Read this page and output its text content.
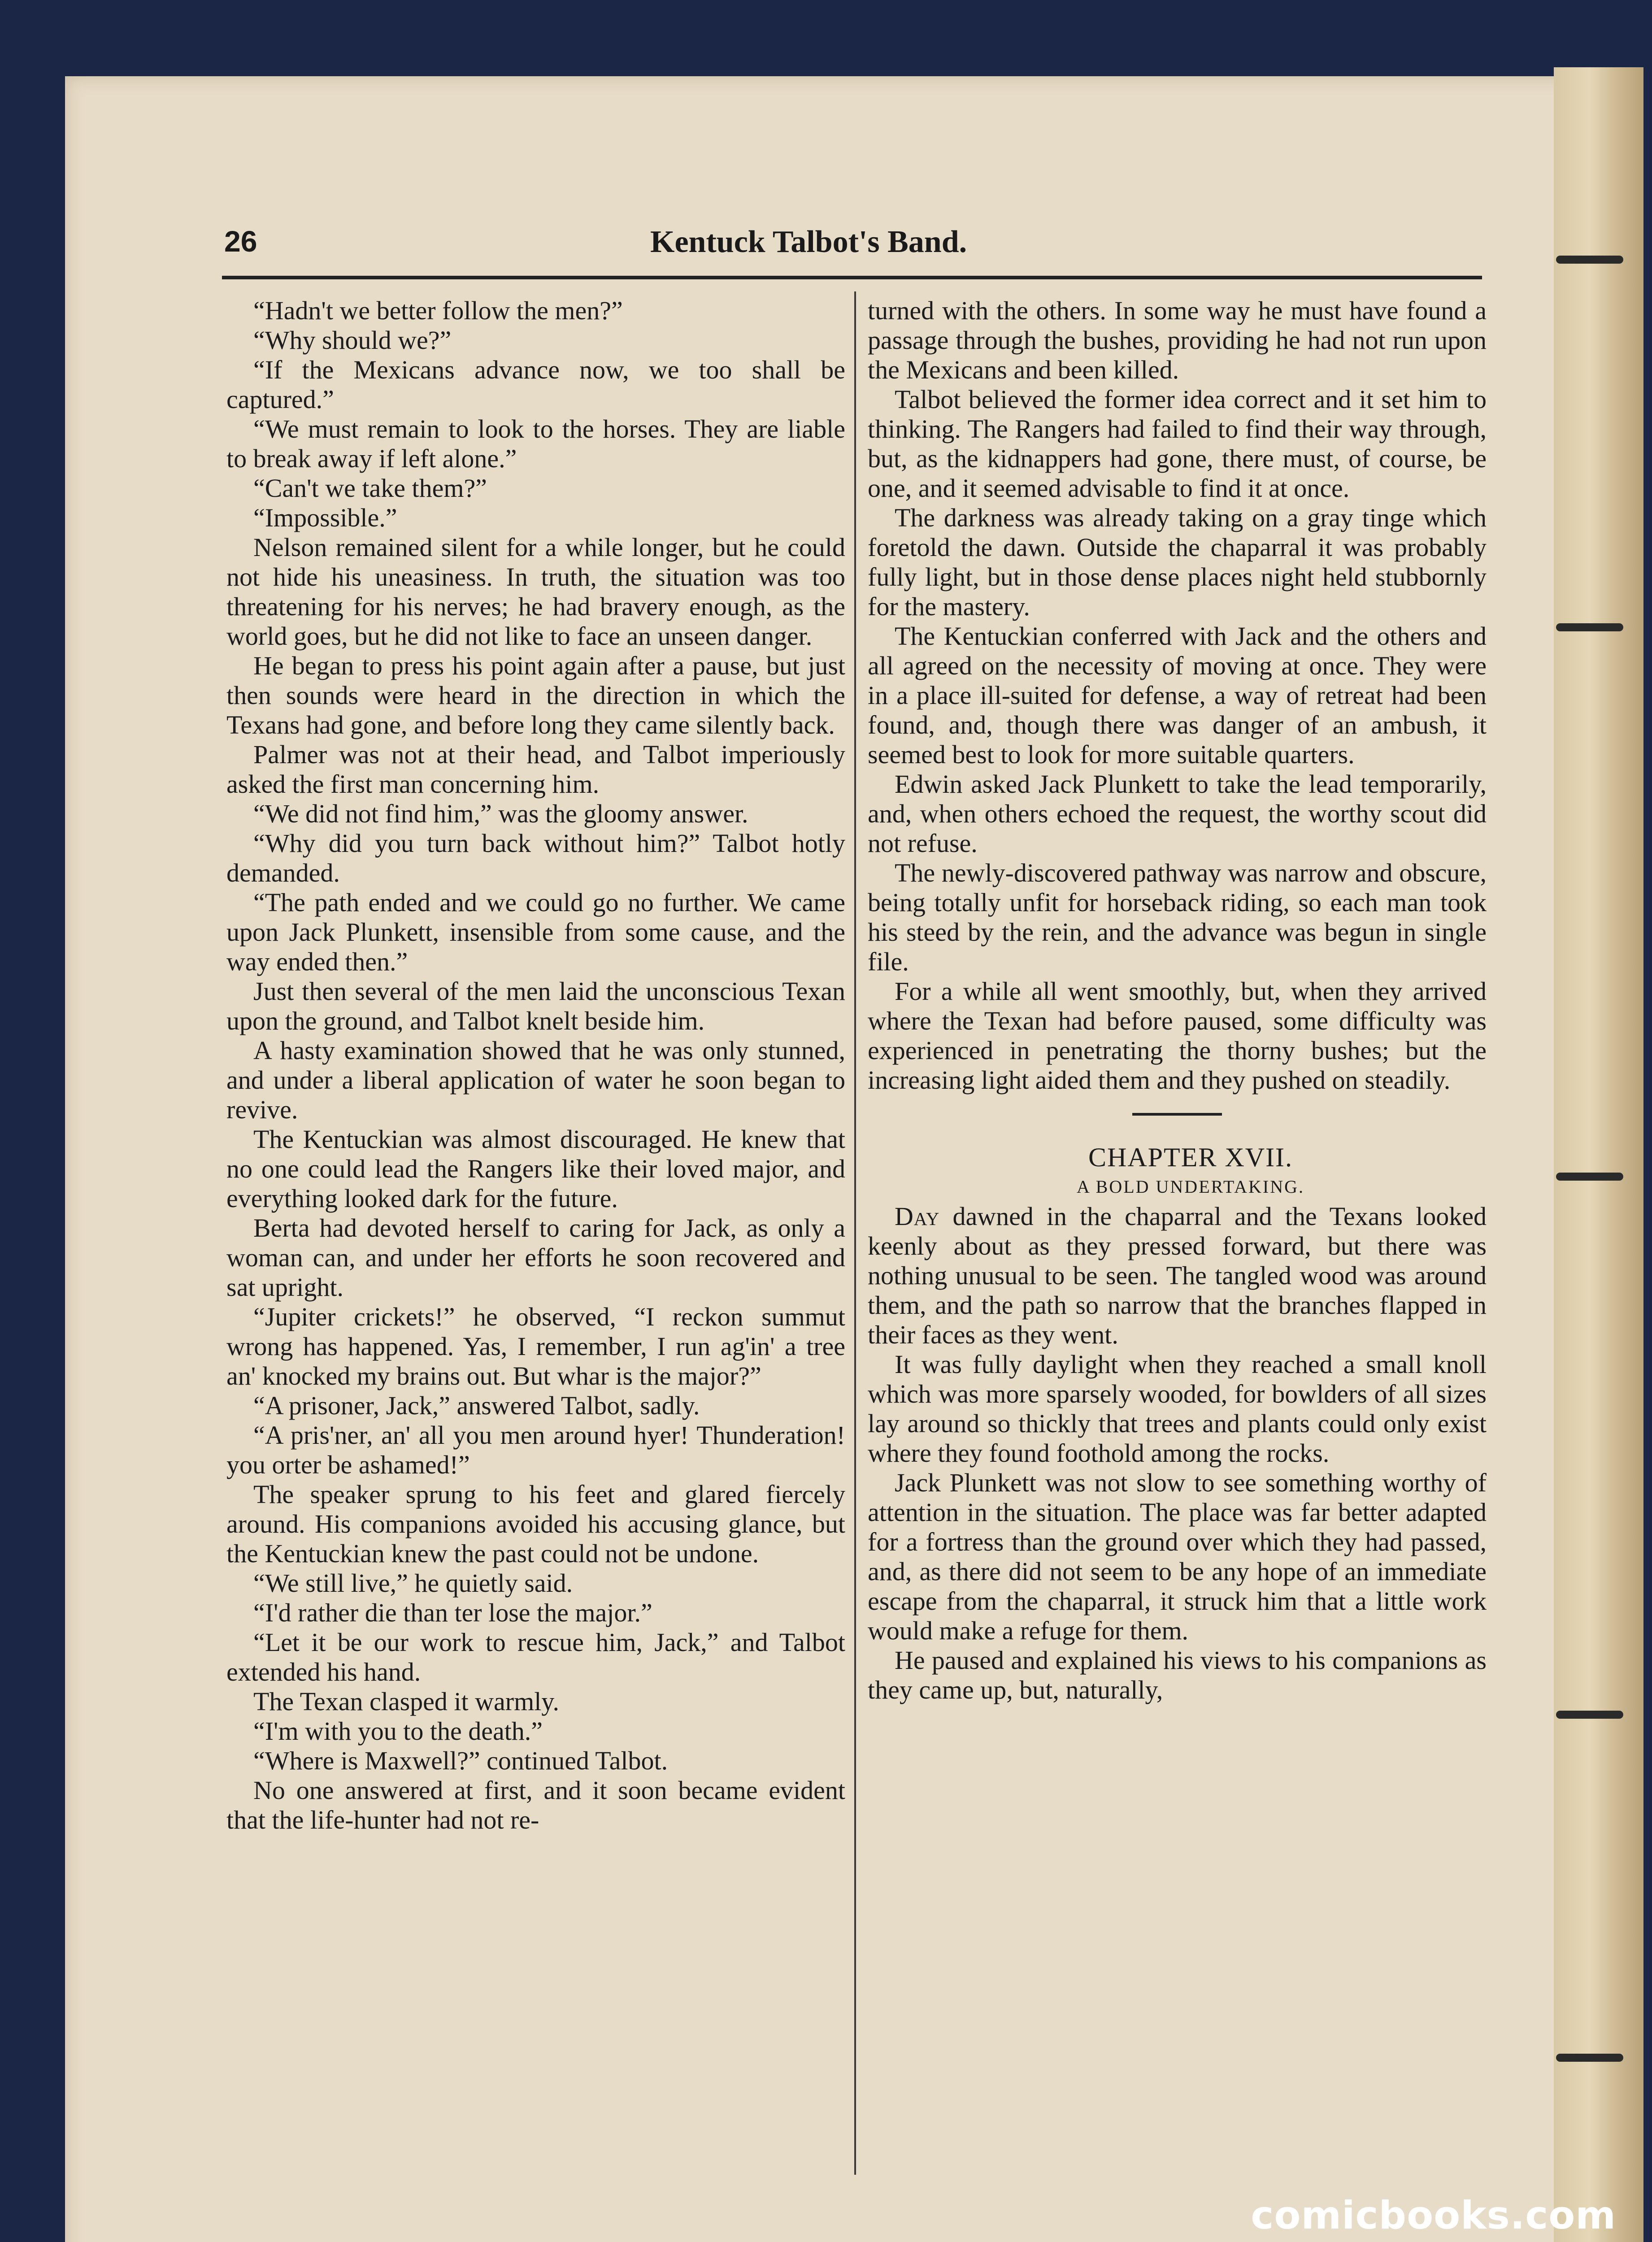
26	Kentuck Talbot's Band.

“Hadn't we better follow the men?”

“Why should we?”

“If the Mexicans advance now, we too shall be captured.”

“We must remain to look to the horses. They are liable to break away if left alone.”

“Can't we take them?”

“Impossible.”

Nelson remained silent for a while longer, but he could not hide his uneasiness. In truth, the situation was too threatening for his nerves; he had bravery enough, as the world goes, but he did not like to face an unseen danger.

He began to press his point again after a pause, but just then sounds were heard in the direction in which the Texans had gone, and before long they came silently back.

Palmer was not at their head, and Talbot imperiously asked the first man concerning him.

“We did not find him,” was the gloomy answer.

“Why did you turn back without him?” Talbot hotly demanded.

“The path ended and we could go no further. We came upon Jack Plunkett, insensible from some cause, and the way ended then.”

Just then several of the men laid the unconscious Texan upon the ground, and Talbot knelt beside him.

A hasty examination showed that he was only stunned, and under a liberal application of water he soon began to revive.

The Kentuckian was almost discouraged. He knew that no one could lead the Rangers like their loved major, and everything looked dark for the future.

Berta had devoted herself to caring for Jack, as only a woman can, and under her efforts he soon recovered and sat upright.

“Jupiter crickets!” he observed, “I reckon summut wrong has happened. Yas, I remember, I run ag'in' a tree an' knocked my brains out. But whar is the major?”

“A prisoner, Jack,” answered Talbot, sadly.

“A pris'ner, an' all you men around hyer! Thunderation! you orter be ashamed!”

The speaker sprung to his feet and glared fiercely around. His companions avoided his accusing glance, but the Kentuckian knew the past could not be undone.

“We still live,” he quietly said.

“I'd rather die than ter lose the major.”

“Let it be our work to rescue him, Jack,” and Talbot extended his hand.

The Texan clasped it warmly.

“I'm with you to the death.”

“Where is Maxwell?” continued Talbot.

No one answered at first, and it soon became evident that the life-hunter had not re-

turned with the others. In some way he must have found a passage through the bushes, providing he had not run upon the Mexicans and been killed.

Talbot believed the former idea correct and it set him to thinking. The Rangers had failed to find their way through, but, as the kidnappers had gone, there must, of course, be one, and it seemed advisable to find it at once.

The darkness was already taking on a gray tinge which foretold the dawn. Outside the chaparral it was probably fully light, but in those dense places night held stubbornly for the mastery.

The Kentuckian conferred with Jack and the others and all agreed on the necessity of moving at once. They were in a place ill-suited for defense, a way of retreat had been found, and, though there was danger of an ambush, it seemed best to look for more suitable quarters.

Edwin asked Jack Plunkett to take the lead temporarily, and, when others echoed the request, the worthy scout did not refuse.

The newly-discovered pathway was narrow and obscure, being totally unfit for horseback riding, so each man took his steed by the rein, and the advance was begun in single file.

For a while all went smoothly, but, when they arrived where the Texan had before paused, some difficulty was experienced in penetrating the thorny bushes; but the increasing light aided them and they pushed on steadily.

CHAPTER XVII.

A BOLD UNDERTAKING.

Day dawned in the chaparral and the Texans looked keenly about as they pressed forward, but there was nothing unusual to be seen. The tangled wood was around them, and the path so narrow that the branches flapped in their faces as they went.

It was fully daylight when they reached a small knoll which was more sparsely wooded, for bowlders of all sizes lay around so thickly that trees and plants could only exist where they found foothold among the rocks.

Jack Plunkett was not slow to see something worthy of attention in the situation. The place was far better adapted for a fortress than the ground over which they had passed, and, as there did not seem to be any hope of an immediate escape from the chaparral, it struck him that a little work would make a refuge for them.

He paused and explained his views to his companions as they came up, but, naturally,

comicbooks.com
